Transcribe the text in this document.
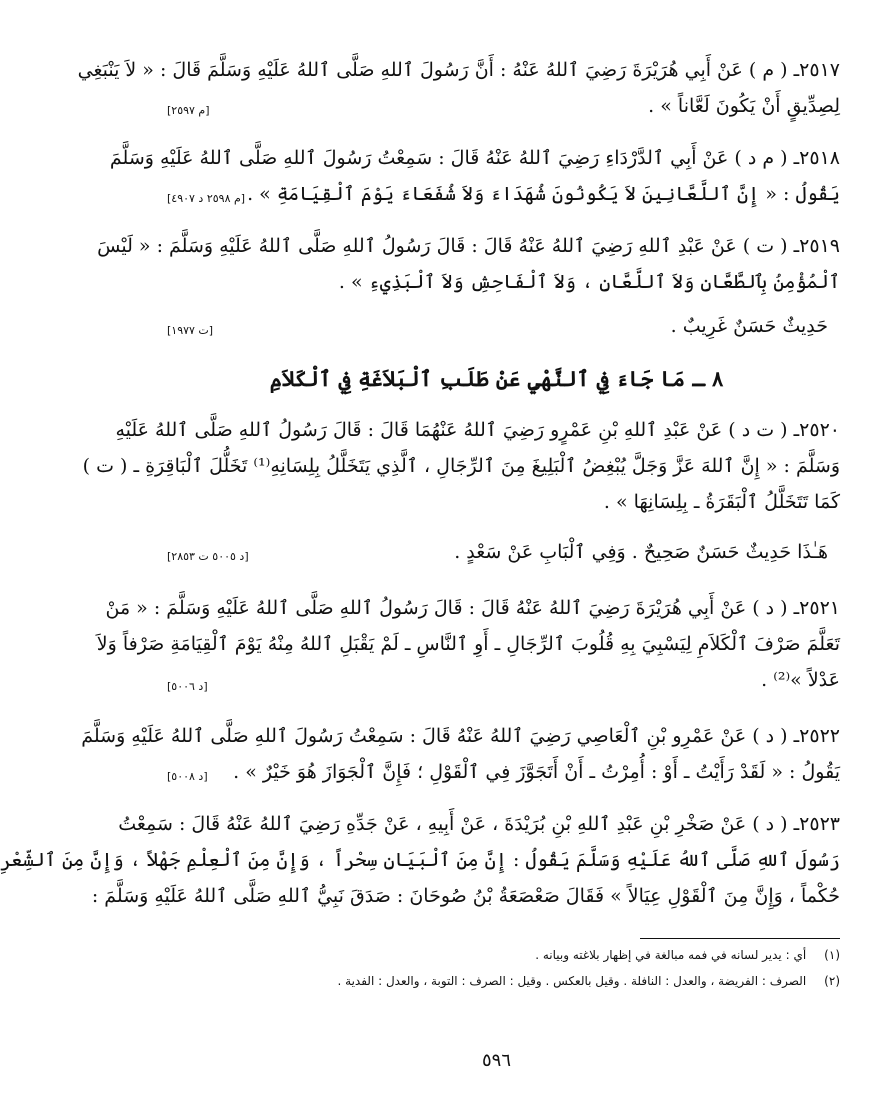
٢٥١٧ـ ( م ) عَنْ أَبِي هُرَيْرَةَ رَضِيَ ٱللهُ عَنْهُ : أَنَّ رَسُولَ ٱللهِ صَلَّى ٱللهُ عَلَيْهِ وَسَلَّمَ قَالَ : « لاَ يَنْبَغِي
لِصِدِّيقٍ أَنْ يَكُونَ لَعَّاناً » .
[م ٢٥٩٧]
٢٥١٨ـ ( م د ) عَنْ أَبِي ٱلدَّرْدَاءِ رَضِيَ ٱللهُ عَنْهُ قَالَ : سَمِعْتُ رَسُولَ ٱللهِ صَلَّى ٱللهُ عَلَيْهِ وَسَلَّمَ
يَقُولُ : « إِنَّ ٱللَّعَّانِينَ لاَ يَكُونُونَ شُهَدَاءَ وَلاَ شُفَعَاءَ يَوْمَ ٱلْقِيَامَةِ » .
[م ٢٥٩٨ د ٤٩٠٧]
٢٥١٩ـ ( ت ) عَنْ عَبْدِ ٱللهِ رَضِيَ ٱللهُ عَنْهُ قَالَ : قَالَ رَسُولُ ٱللهِ صَلَّى ٱللهُ عَلَيْهِ وَسَلَّمَ : « لَيْسَ
ٱلْمُؤْمِنُ بِٱلطَّعَّانِ وَلاَ ٱللَّعَّانِ ، وَلاَ ٱلْفَاحِشِ وَلاَ ٱلْبَذِيءِ » .
حَدِيثٌ حَسَنٌ غَرِيبٌ .
[ت ١٩٧٧]
٨ ـ مَا جَاءَ فِي ٱلنَّهْيِ عَنْ طَلَبِ ٱلْبَلاَغَةِ فِي ٱلْكَلاَمِ
٢٥٢٠ـ ( ت د ) عَنْ عَبْدِ ٱللهِ بْنِ عَمْرٍو رَضِيَ ٱللهُ عَنْهُمَا قَالَ : قَالَ رَسُولُ ٱللهِ صَلَّى ٱللهُ عَلَيْهِ
وَسَلَّمَ : « إِنَّ ٱللهَ عَزَّ وَجَلَّ يُبْغِضُ ٱلْبَلِيغَ مِنَ ٱلرِّجَالِ ، ٱلَّذِي يَتَخَلَّلُ بِلِسَانِهِ⁽¹⁾ تَخَلُّلَ ٱلْبَاقِرَةِ ـ ( ت )
كَمَا تَتَخَلَّلُ ٱلْبَقَرَةُ ـ بِلِسَانِهَا » .
هَـٰذَا حَدِيثٌ حَسَنٌ صَحِيحٌ . وَفِي ٱلْبَابِ عَنْ سَعْدٍ .
[د ٥٠٠٥ ت ٢٨٥٣]
٢٥٢١ـ ( د ) عَنْ أَبِي هُرَيْرَةَ رَضِيَ ٱللهُ عَنْهُ قَالَ : قَالَ رَسُولُ ٱللهِ صَلَّى ٱللهُ عَلَيْهِ وَسَلَّمَ : « مَنْ
تَعَلَّمَ صَرْفَ ٱلْكَلاَمِ لِيَسْبِيَ بِهِ قُلُوبَ ٱلرِّجَالِ ـ أَوِ ٱلنَّاسِ ـ لَمْ يَقْبَلِ ٱللهُ مِنْهُ يَوْمَ ٱلْقِيَامَةِ صَرْفاً وَلاَ
عَدْلاً »⁽²⁾ .
[د ٥٠٠٦]
٢٥٢٢ـ ( د ) عَنْ عَمْرِو بْنِ ٱلْعَاصِي رَضِيَ ٱللهُ عَنْهُ قَالَ : سَمِعْتُ رَسُولَ ٱللهِ صَلَّى ٱللهُ عَلَيْهِ وَسَلَّمَ
يَقُولُ : « لَقَدْ رَأَيْتُ ـ أَوْ : أُمِرْتُ ـ أَنْ أَتَجَوَّزَ فِي ٱلْقَوْلِ ؛ فَإِنَّ ٱلْجَوَازَ هُوَ خَيْرٌ » .
[د ٥٠٠٨]
٢٥٢٣ـ ( د ) عَنْ صَخْرِ بْنِ عَبْدِ ٱللهِ بْنِ بُرَيْدَةَ ، عَنْ أَبِيهِ ، عَنْ جَدِّهِ رَضِيَ ٱللهُ عَنْهُ قَالَ : سَمِعْتُ
رَسُولَ ٱللهِ صَلَّى ٱللهُ عَلَيْهِ وَسَلَّمَ يَقُولُ : إِنَّ مِنَ ٱلْبَيَانِ سِحْراً ، وَإِنَّ مِنَ ٱلْعِلْمِ جَهْلاً ، وَإِنَّ مِنَ ٱلشِّعْرِ
حُكْماً ، وَإِنَّ مِنَ ٱلْقَوْلِ عِيَالاً » فَقَالَ صَعْصَعَةُ بْنُ صُوحَانَ : صَدَقَ نَبِيُّ ٱللهِ صَلَّى ٱللهُ عَلَيْهِ وَسَلَّمَ :
(١) أي : يدير لسانه في فمه مبالغة في إظهار بلاغته وبيانه .
(٢) الصرف : الفريضة ، والعدل : النافلة . وقيل بالعكس . وقيل : الصرف : التوبة ، والعدل : الفدية .
٥٩٦
